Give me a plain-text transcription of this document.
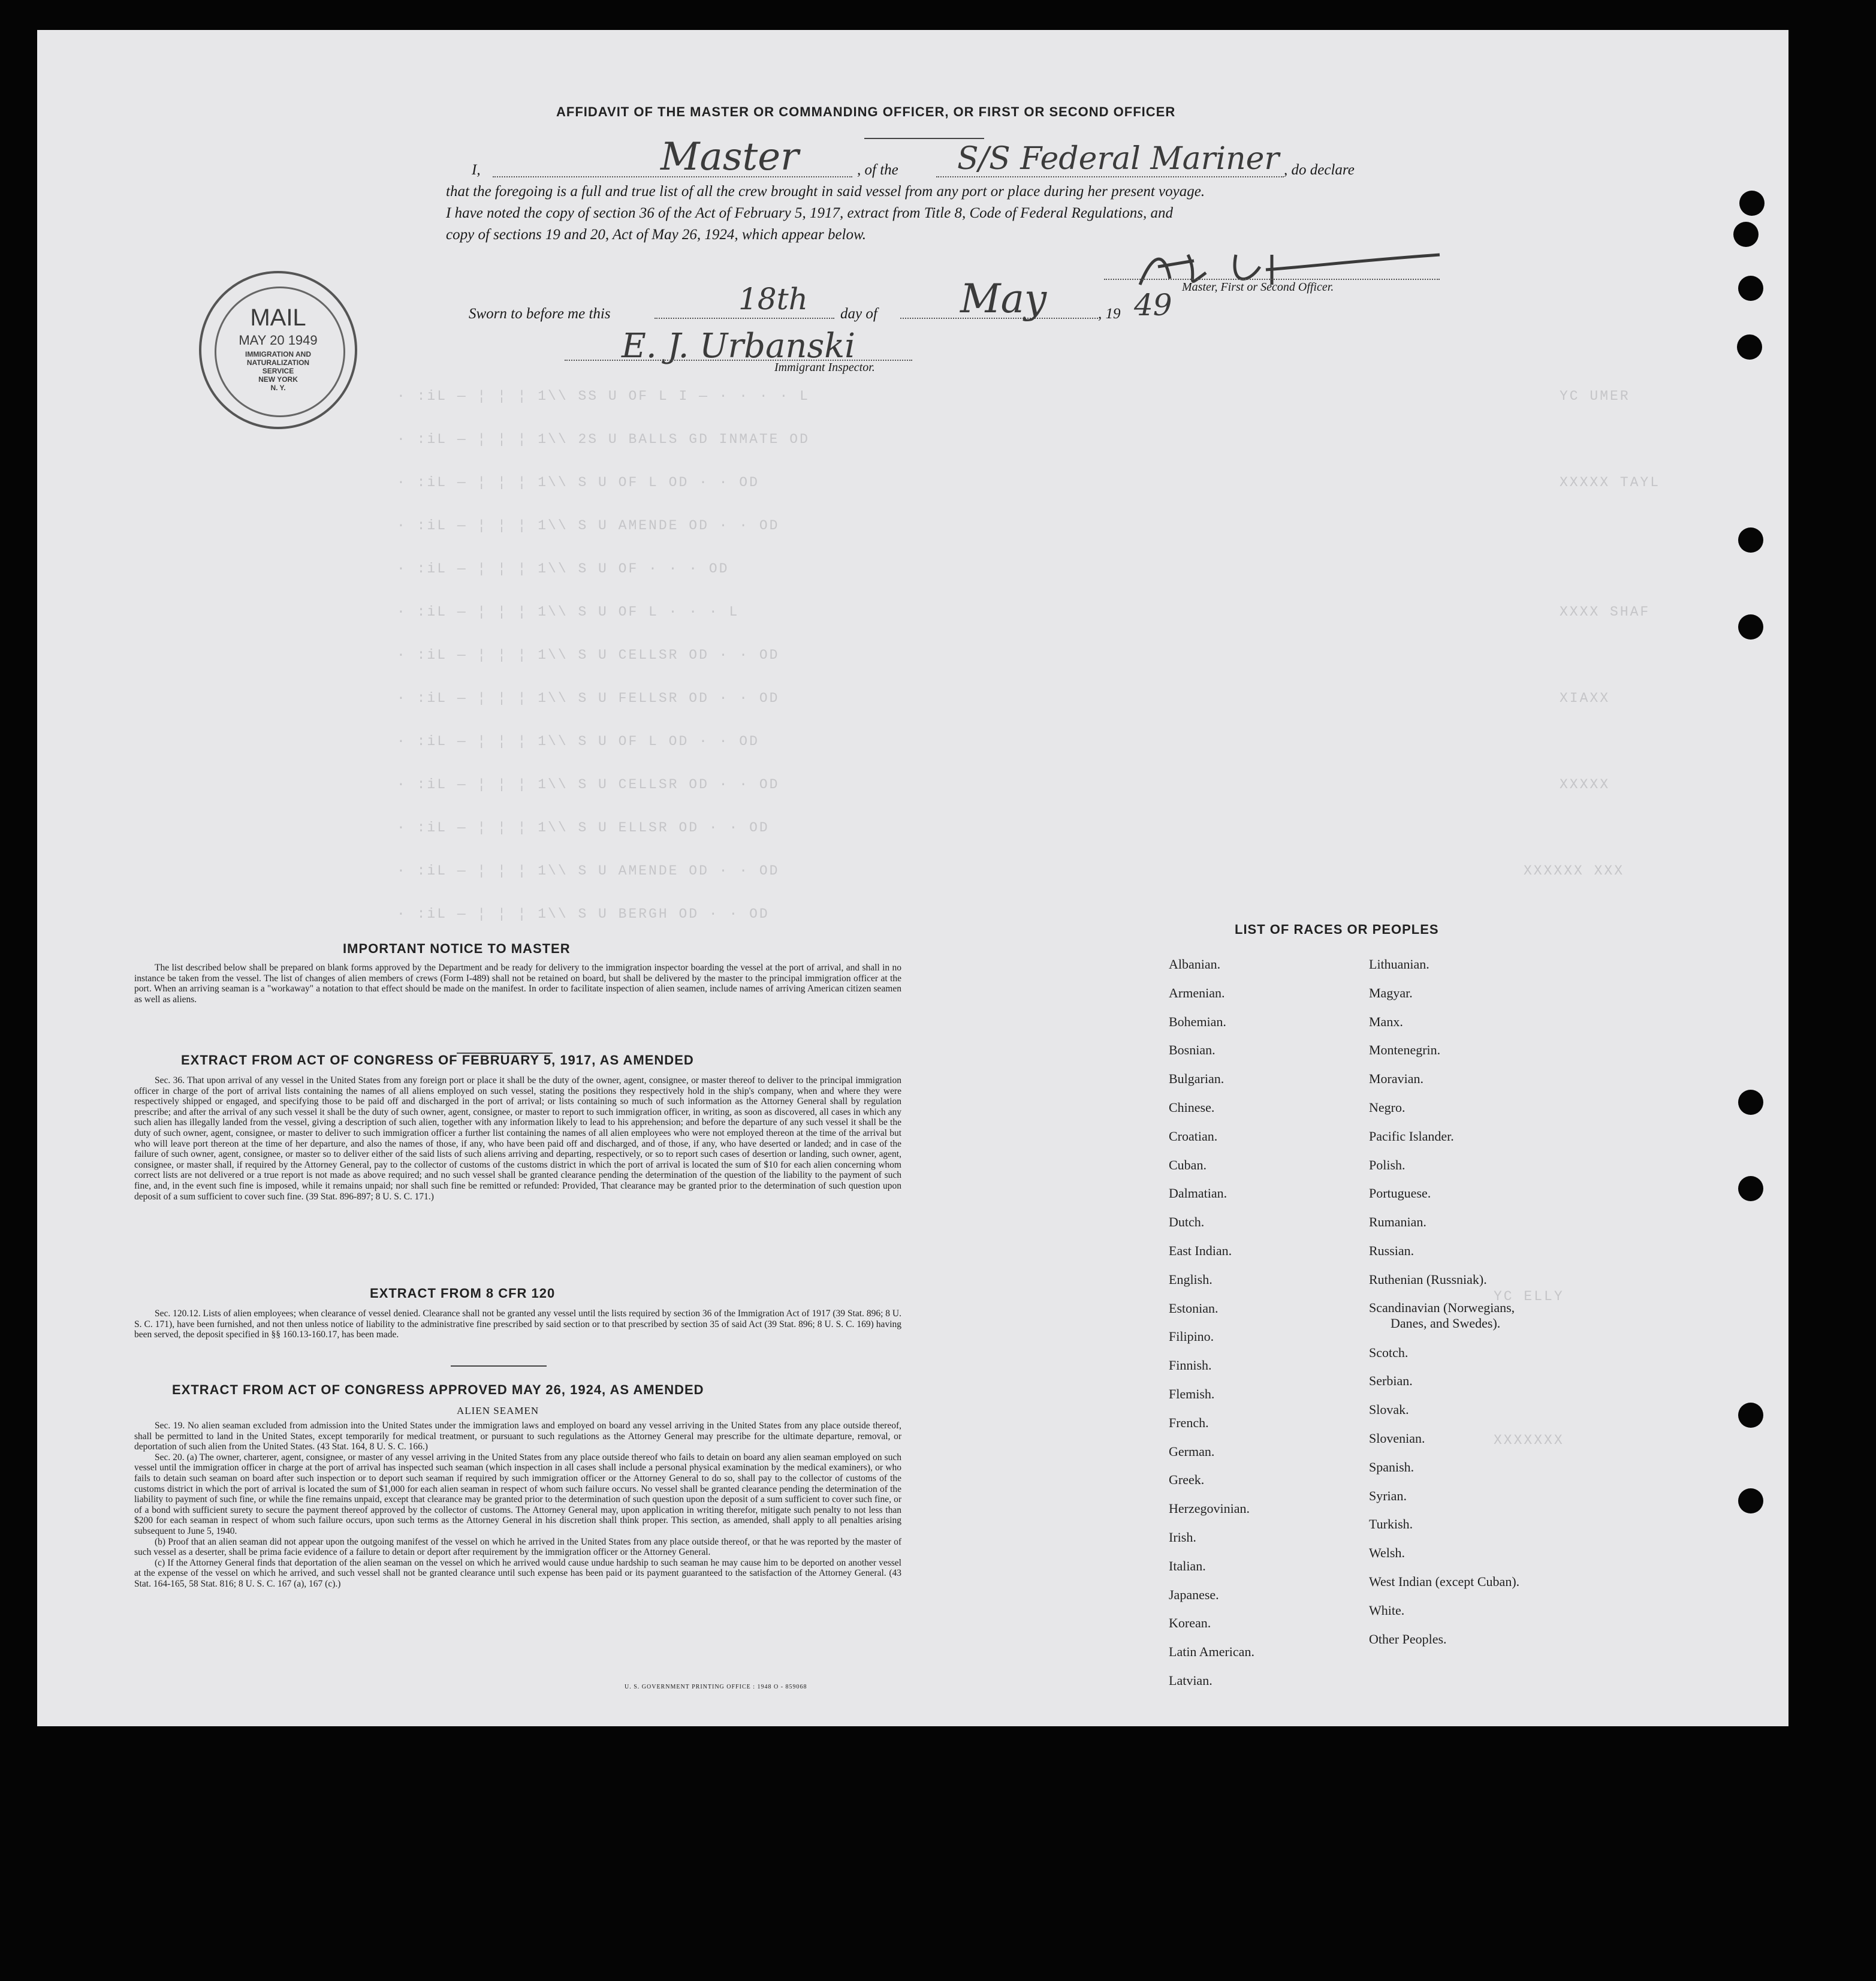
AFFIDAVIT OF THE MASTER OR COMMANDING OFFICER, OR FIRST OR SECOND OFFICER
I,	Master	, of the S/S Federal Mariner , do declare
that the foregoing is a full and true list of all the crew brought in said vessel from any port or place during her present voyage.
I have noted the copy of section 36 of the Act of February 5, 1917, extract from Title 8, Code of Federal Regulations, and
copy of sections 19 and 20, Act of May 26, 1924, which appear below.
Master, First or Second Officer.
Sworn to before me this	18th day of May	, 19 49
E. J. Urbanski
Immigrant Inspector.
MAIL
MAY 20 1949
IMMIGRATION AND
NATURALIZATION
SERVICE
NEW YORK
N. Y.
· :iL — ¦ ¦ ¦ 1\\ SS U OF L I — · · · · L
· :iL — ¦ ¦ ¦ 1\\ 2S U BALLS GD INMATE OD
· :iL — ¦ ¦ ¦ 1\\ S U OF L OD · · OD
· :iL — ¦ ¦ ¦ 1\\ S U AMENDE OD · · OD
· :iL — ¦ ¦ ¦ 1\\ S U OF · · · OD
· :iL — ¦ ¦ ¦ 1\\ S U OF L · · · L
· :iL — ¦ ¦ ¦ 1\\ S U CELLSR OD · · OD
· :iL — ¦ ¦ ¦ 1\\ S U FELLSR OD · · OD
· :iL — ¦ ¦ ¦ 1\\ S U OF L OD · · OD
· :iL — ¦ ¦ ¦ 1\\ S U CELLSR OD · · OD
· :iL — ¦ ¦ ¦ 1\\ S U ELLSR OD · · OD
· :iL — ¦ ¦ ¦ 1\\ S U AMENDE OD · · OD
· :iL — ¦ ¦ ¦ 1\\ S U BERGH OD · · OD
YC UMER
XXXXX TAYL
XXXX SHAF
XIAXX
XXXXX
XXXXXX XXX
YC ELLY
XXXXXXX
IMPORTANT NOTICE TO MASTER

The list described below shall be prepared on blank forms approved by the Department and be ready for delivery to the immigration inspector boarding the vessel at the port of arrival, and shall in no instance be taken from the vessel. The list of changes of alien members of crews (Form I-489) shall not be retained on board, but shall be delivered by the master to the principal immigration officer at the port. When an arriving seaman is a "workaway" a notation to that effect should be made on the manifest. In order to facilitate inspection of alien seamen, include names of arriving American citizen seamen as well as aliens.

EXTRACT FROM ACT OF CONGRESS OF FEBRUARY 5, 1917, AS AMENDED

Sec. 36. That upon arrival of any vessel in the United States from any foreign port or place it shall be the duty of the owner, agent, consignee, or master thereof to deliver to the principal immigration officer in charge of the port of arrival lists containing the names of all aliens employed on such vessel, stating the positions they respectively hold in the ship's company, when and where they were respectively shipped or engaged, and specifying those to be paid off and discharged in the port of arrival; or lists containing so much of such information as the Attorney General shall by regulation prescribe; and after the arrival of any such vessel it shall be the duty of such owner, agent, consignee, or master to report to such immigration officer, in writing, as soon as discovered, all cases in which any such alien has illegally landed from the vessel, giving a description of such alien, together with any information likely to lead to his apprehension; and before the departure of any such vessel it shall be the duty of such owner, agent, consignee, or master to deliver to such immigration officer a further list containing the names of all alien employees who were not employed thereon at the time of the arrival but who will leave port thereon at the time of her departure, and also the names of those, if any, who have been paid off and discharged, and of those, if any, who have deserted or landed; and in case of the failure of such owner, agent, consignee, or master so to deliver either of the said lists of such aliens arriving and departing, respectively, or so to report such cases of desertion or landing, such owner, agent, consignee, or master shall, if required by the Attorney General, pay to the collector of customs of the customs district in which the port of arrival is located the sum of $10 for each alien concerning whom correct lists are not delivered or a true report is not made as above required; and no such vessel shall be granted clearance pending the determination of the question of the liability to the payment of such fine, and, in the event such fine is imposed, while it remains unpaid; nor shall such fine be remitted or refunded: Provided, That clearance may be granted prior to the determination of such question upon deposit of a sum sufficient to cover such fine. (39 Stat. 896-897; 8 U. S. C. 171.)

EXTRACT FROM 8 CFR 120

Sec. 120.12. Lists of alien employees; when clearance of vessel denied. Clearance shall not be granted any vessel until the lists required by section 36 of the Immigration Act of 1917 (39 Stat. 896; 8 U. S. C. 171), have been furnished, and not then unless notice of liability to the administrative fine prescribed by said section or to that prescribed by section 35 of said Act (39 Stat. 896; 8 U. S. C. 169) having been served, the deposit specified in §§ 160.13-160.17, has been made.

EXTRACT FROM ACT OF CONGRESS APPROVED MAY 26, 1924, AS AMENDED
ALIEN SEAMEN

Sec. 19. No alien seaman excluded from admission into the United States under the immigration laws and employed on board any vessel arriving in the United States from any place outside thereof, shall be permitted to land in the United States, except temporarily for medical treatment, or pursuant to such regulations as the Attorney General may prescribe for the ultimate departure, removal, or deportation of such alien from the United States. (43 Stat. 164, 8 U. S. C. 166.)

Sec. 20. (a) The owner, charterer, agent, consignee, or master of any vessel arriving in the United States from any place outside thereof who fails to detain on board any alien seaman employed on such vessel until the immigration officer in charge at the port of arrival has inspected such seaman (which inspection in all cases shall include a personal physical examination by the medical examiners), or who fails to detain such seaman on board after such inspection or to deport such seaman if required by such immigration officer or the Attorney General to do so, shall pay to the collector of customs of the customs district in which the port of arrival is located the sum of $1,000 for each alien seaman in respect of whom such failure occurs. No vessel shall be granted clearance pending the determination of the liability to payment of such fine, or while the fine remains unpaid, except that clearance may be granted prior to the determination of such question upon the deposit of a sum sufficient to cover such fine, or of a bond with sufficient surety to secure the payment thereof approved by the collector of customs. The Attorney General may, upon application in writing therefor, mitigate such penalty to not less than $200 for each seaman in respect of whom such failure occurs, upon such terms as the Attorney General in his discretion shall think proper. This section, as amended, shall apply to all penalties arising subsequent to June 5, 1940.

(b) Proof that an alien seaman did not appear upon the outgoing manifest of the vessel on which he arrived in the United States from any place outside thereof, or that he was reported by the master of such vessel as a deserter, shall be prima facie evidence of a failure to detain or deport after requirement by the immigration officer or the Attorney General.

(c) If the Attorney General finds that deportation of the alien seaman on the vessel on which he arrived would cause undue hardship to such seaman he may cause him to be deported on another vessel at the expense of the vessel on which he arrived, and such vessel shall not be granted clearance until such expense has been paid or its payment guaranteed to the satisfaction of the Attorney General. (43 Stat. 164-165, 58 Stat. 816; 8 U. S. C. 167 (a), 167 (c).)

U. S. GOVERNMENT PRINTING OFFICE : 1948 O - 859068
LIST OF RACES OR PEOPLES
Albanian.
Armenian.
Bohemian.
Bosnian.
Bulgarian.
Chinese.
Croatian.
Cuban.
Dalmatian.
Dutch.
East Indian.
English.
Estonian.
Filipino.
Finnish.
Flemish.
French.
German.
Greek.
Herzegovinian.
Irish.
Italian.
Japanese.
Korean.
Latin American.
Latvian.
Lithuanian.
Magyar.
Manx.
Montenegrin.
Moravian.
Negro.
Pacific Islander.
Polish.
Portuguese.
Rumanian.
Russian.
Ruthenian (Russniak).
Scandinavian (Norwegians,
Danes, and Swedes).
Scotch.
Serbian.
Slovak.
Slovenian.
Spanish.
Syrian.
Turkish.
Welsh.
West Indian (except Cuban).
White.
Other Peoples.
